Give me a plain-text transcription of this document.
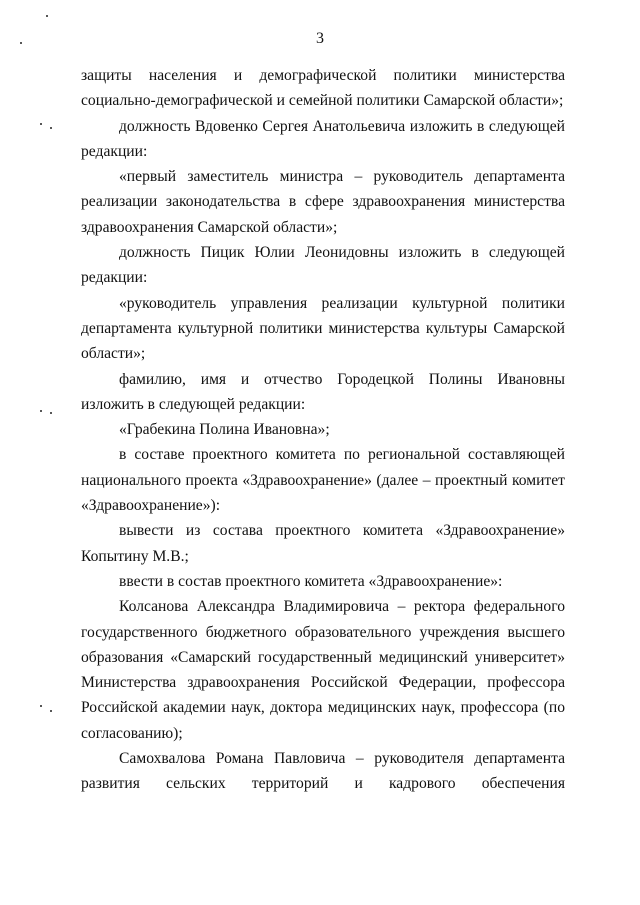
3

защиты населения и демографической политики министерства социально-демографической и семейной политики Самарской области»;

должность Вдовенко Сергея Анатольевича изложить в следующей редакции:

«первый заместитель министра – руководитель департамента реализации законодательства в сфере здравоохранения министерства здравоохранения Самарской области»;

должность Пицик Юлии Леонидовны изложить в следующей редакции:

«руководитель управления реализации культурной политики департамента культурной политики министерства культуры Самарской области»;

фамилию, имя и отчество Городецкой Полины Ивановны изложить в следующей редакции:

«Грабекина Полина Ивановна»;

в составе проектного комитета по региональной составляющей национального проекта «Здравоохранение» (далее – проектный комитет «Здравоохранение»):

вывести из состава проектного комитета «Здравоохранение» Копытину М.В.;

ввести в состав проектного комитета «Здравоохранение»:

Колсанова Александра Владимировича – ректора федерального государственного бюджетного образовательного учреждения высшего образования «Самарский государственный медицинский университет» Министерства здравоохранения Российской Федерации, профессора Российской академии наук, доктора медицинских наук, профессора (по согласованию);

Самохвалова Романа Павловича – руководителя департамента развития сельских территорий и кадрового обеспечения
